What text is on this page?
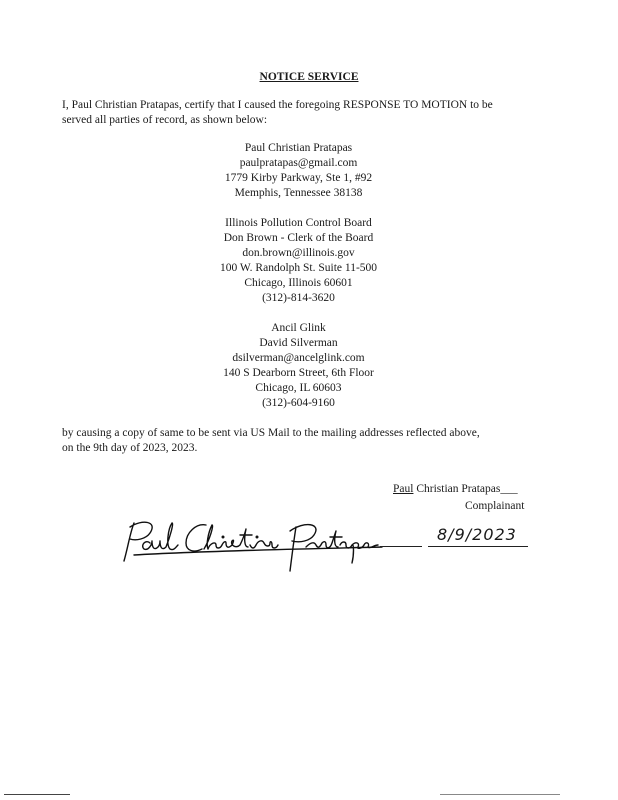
NOTICE SERVICE

I, Paul Christian Pratapas, certify that I caused the foregoing RESPONSE TO MOTION to be

served all parties of record, as shown below:

Paul Christian Pratapas
paulpratapas@gmail.com
1779 Kirby Parkway, Ste 1, #92
Memphis, Tennessee 38138
Illinois Pollution Control Board
Don Brown - Clerk of the Board
don.brown@illinois.gov
100 W. Randolph St. Suite 11-500
Chicago, Illinois 60601
(312)-814-3620
Ancil Glink
David Silverman
dsilverman@ancelglink.com
140 S Dearborn Street, 6th Floor
Chicago, IL 60603
(312)-604-9160
by causing a copy of same to be sent via US Mail to the mailing addresses reflected above,
on the 9th day of 2023, 2023.
Paul Christian Pratapas___
Complainant
8/9/2023
